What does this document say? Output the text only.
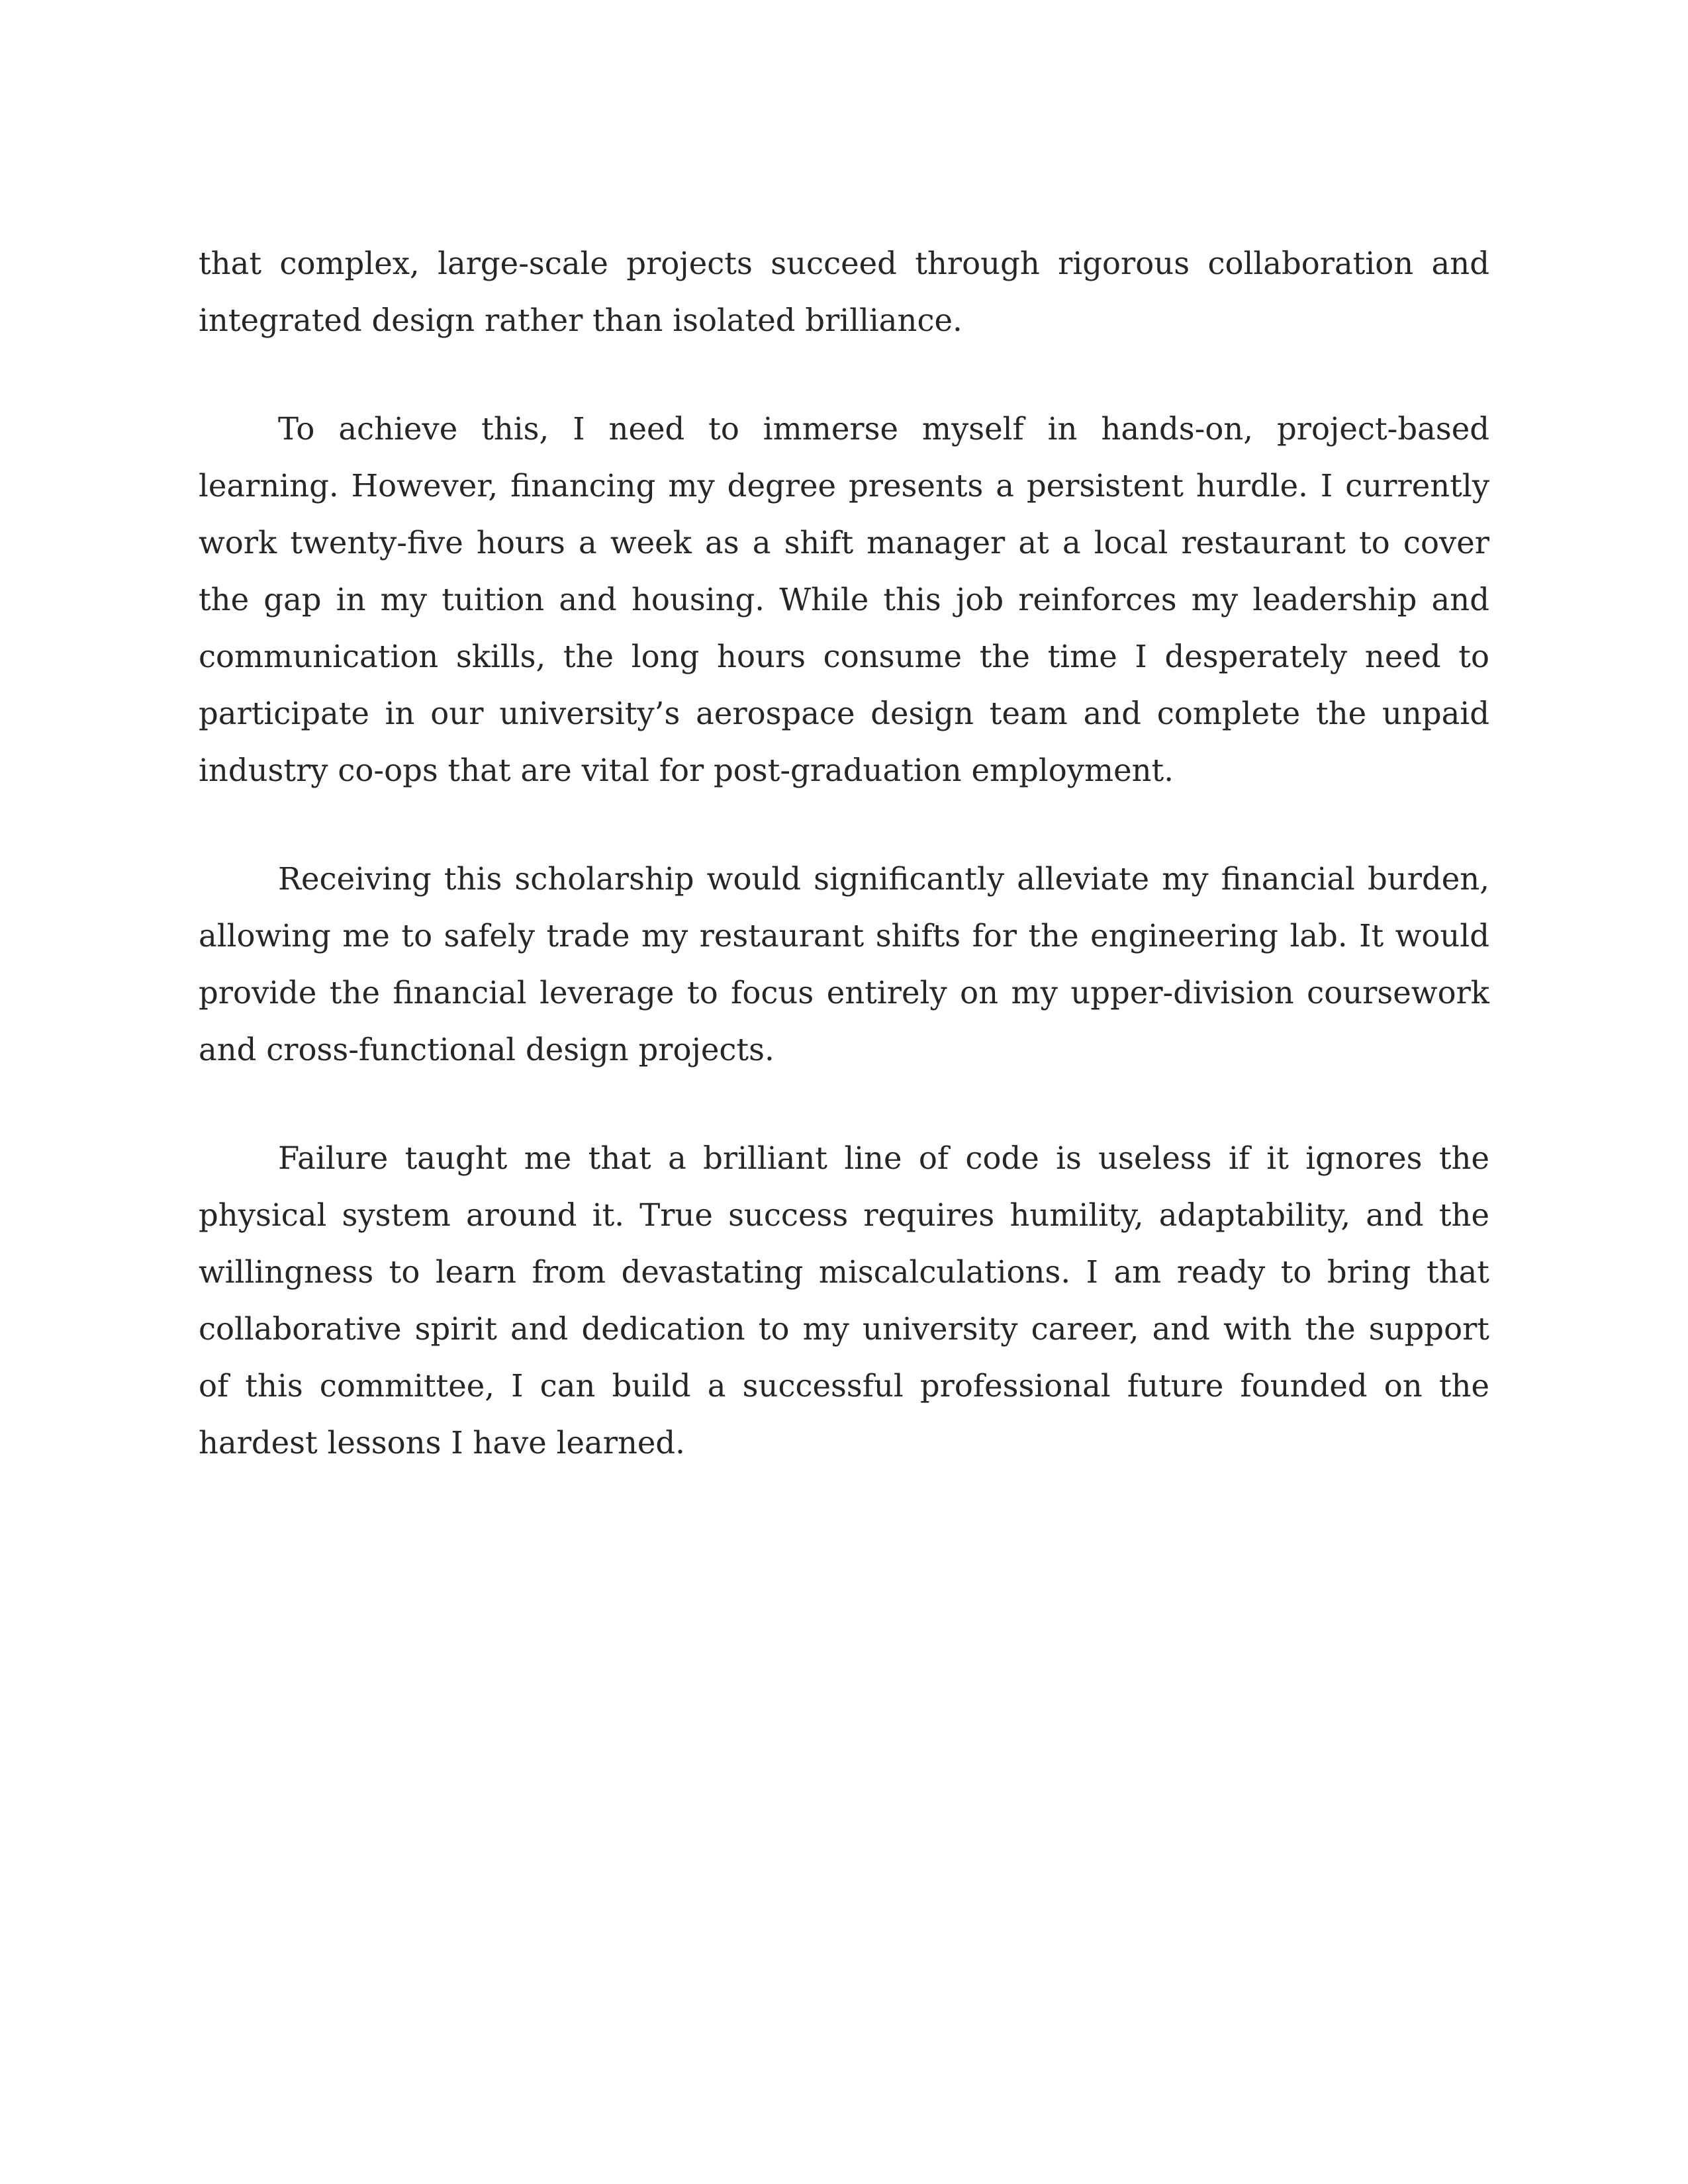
that complex, large-scale projects succeed through rigorous collaboration and integrated design rather than isolated brilliance.

To achieve this, I need to immerse myself in hands-on, project-based learning. However, financing my degree presents a persistent hurdle. I currently work twenty-five hours a week as a shift manager at a local restaurant to cover the gap in my tuition and housing. While this job reinforces my leadership and communication skills, the long hours consume the time I desperately need to participate in our university’s aerospace design team and complete the unpaid industry co-ops that are vital for post-graduation employment.

Receiving this scholarship would significantly alleviate my financial burden, allowing me to safely trade my restaurant shifts for the engineering lab. It would provide the financial leverage to focus entirely on my upper-division coursework and cross-functional design projects.

Failure taught me that a brilliant line of code is useless if it ignores the physical system around it. True success requires humility, adaptability, and the willingness to learn from devastating miscalculations. I am ready to bring that collaborative spirit and dedication to my university career, and with the support of this committee, I can build a successful professional future founded on the hardest lessons I have learned.
